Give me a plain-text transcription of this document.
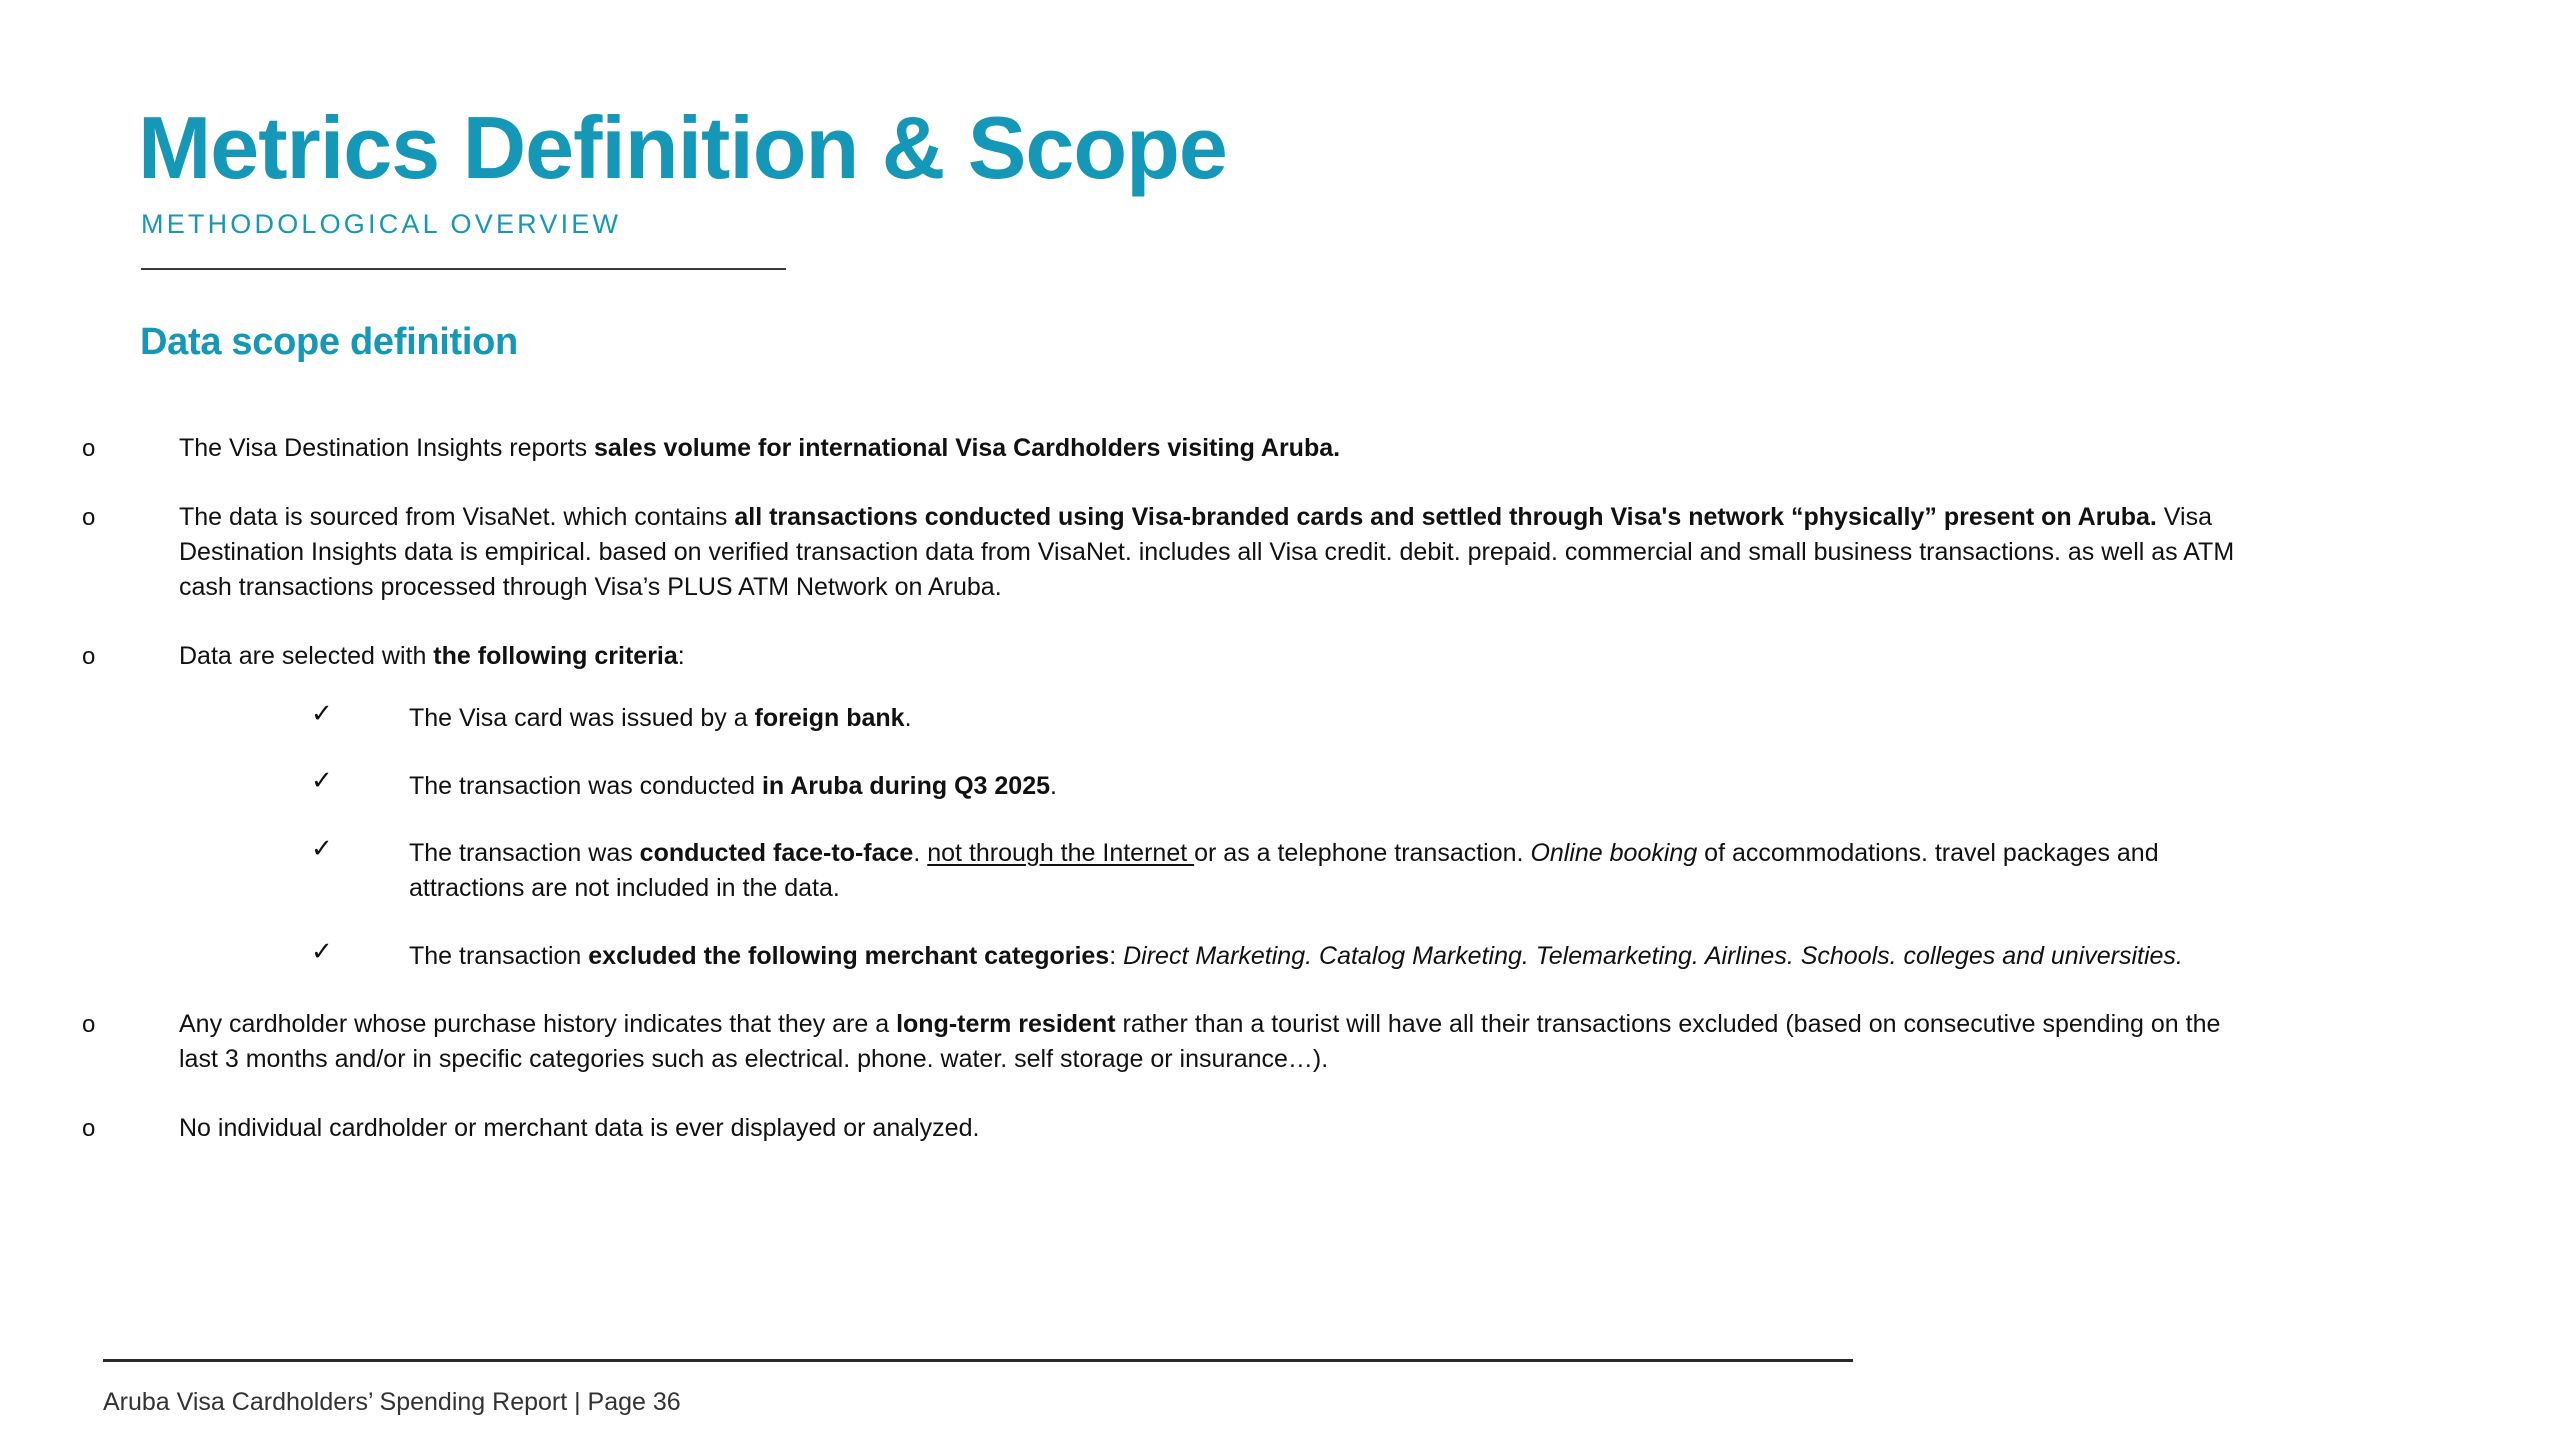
Metrics Definition & Scope
METHODOLOGICAL OVERVIEW
Data scope definition
o	The Visa Destination Insights reports sales volume for international Visa Cardholders visiting Aruba.
o	The data is sourced from VisaNet. which contains all transactions conducted using Visa-branded cards and settled through Visa's network “physically” present on Aruba. Visa
Destination Insights data is empirical. based on verified transaction data from VisaNet. includes all Visa credit. debit. prepaid. commercial and small business transactions. as well as ATM
cash transactions processed through Visa’s PLUS ATM Network on Aruba.
o	Data are selected with the following criteria:
✓	The Visa card was issued by a foreign bank.
✓	The transaction was conducted in Aruba during Q3 2025.
✓	The transaction was conducted face-to-face. not through the Internet or as a telephone transaction. Online booking of accommodations. travel packages and
attractions are not included in the data.
✓	The transaction excluded the following merchant categories: Direct Marketing. Catalog Marketing. Telemarketing. Airlines. Schools. colleges and universities.
o	Any cardholder whose purchase history indicates that they are a long-term resident rather than a tourist will have all their transactions excluded (based on consecutive spending on the
last 3 months and/or in specific categories such as electrical. phone. water. self storage or insurance…).
o	No individual cardholder or merchant data is ever displayed or analyzed.
Aruba Visa Cardholders’ Spending Report | Page 36
